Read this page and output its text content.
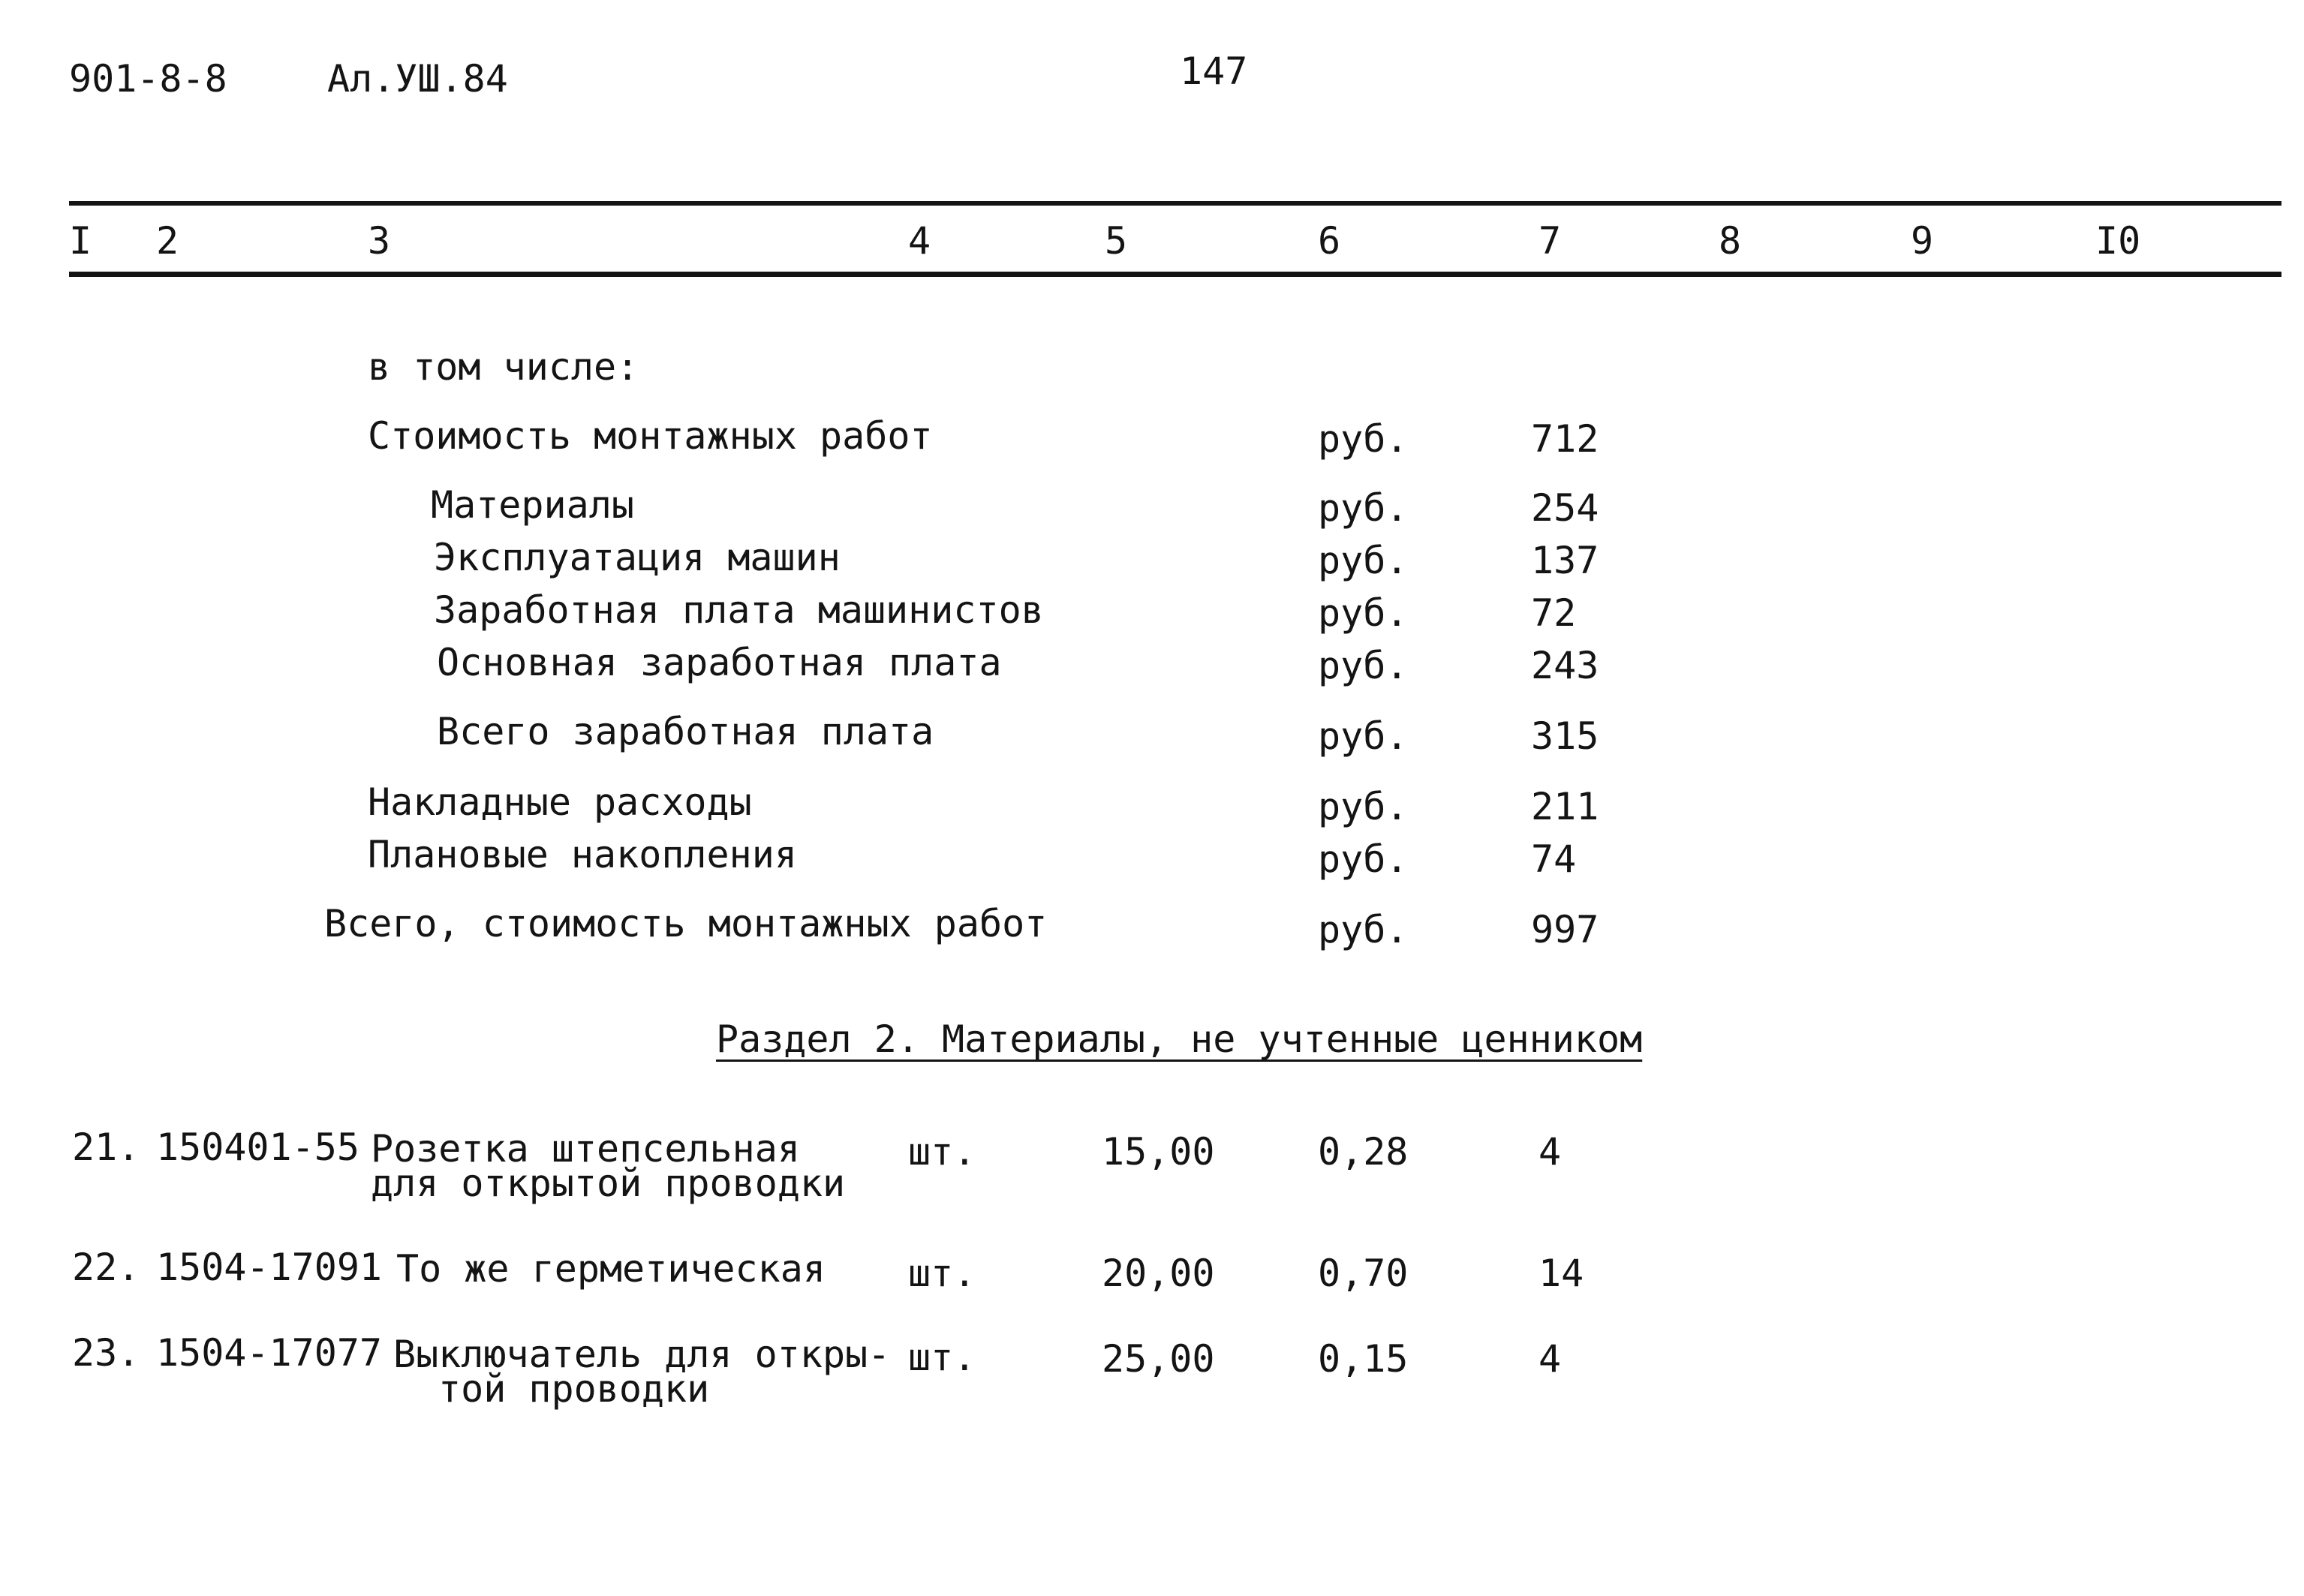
901-8-8	Ал.УШ.84	147
I 2	3	4	5	6	7	8	9	I0
в том числе:
Стоимость монтажных работ	руб.	712
Материалы	руб.	254
Эксплуатация машин	руб.	137
Заработная плата машинистов	руб.	72
Основная заработная плата	руб.	243
Всего заработная плата	руб.	315
Накладные расходы	руб.	211
Плановые накопления	руб.	74
Всего, стоимость монтажных работ	руб.	997
Раздел 2. Материалы, не учтенные ценником
21. 150401-55 Розетка штепсельная
для открытой проводки
шт.	15,00	0,28	4
22. 1504-17091 То же герметическая шт.	20,00	0,70	14
23. 1504-17077 Выключатель для откры-
той проводки
шт.	25,00	0,15	4
